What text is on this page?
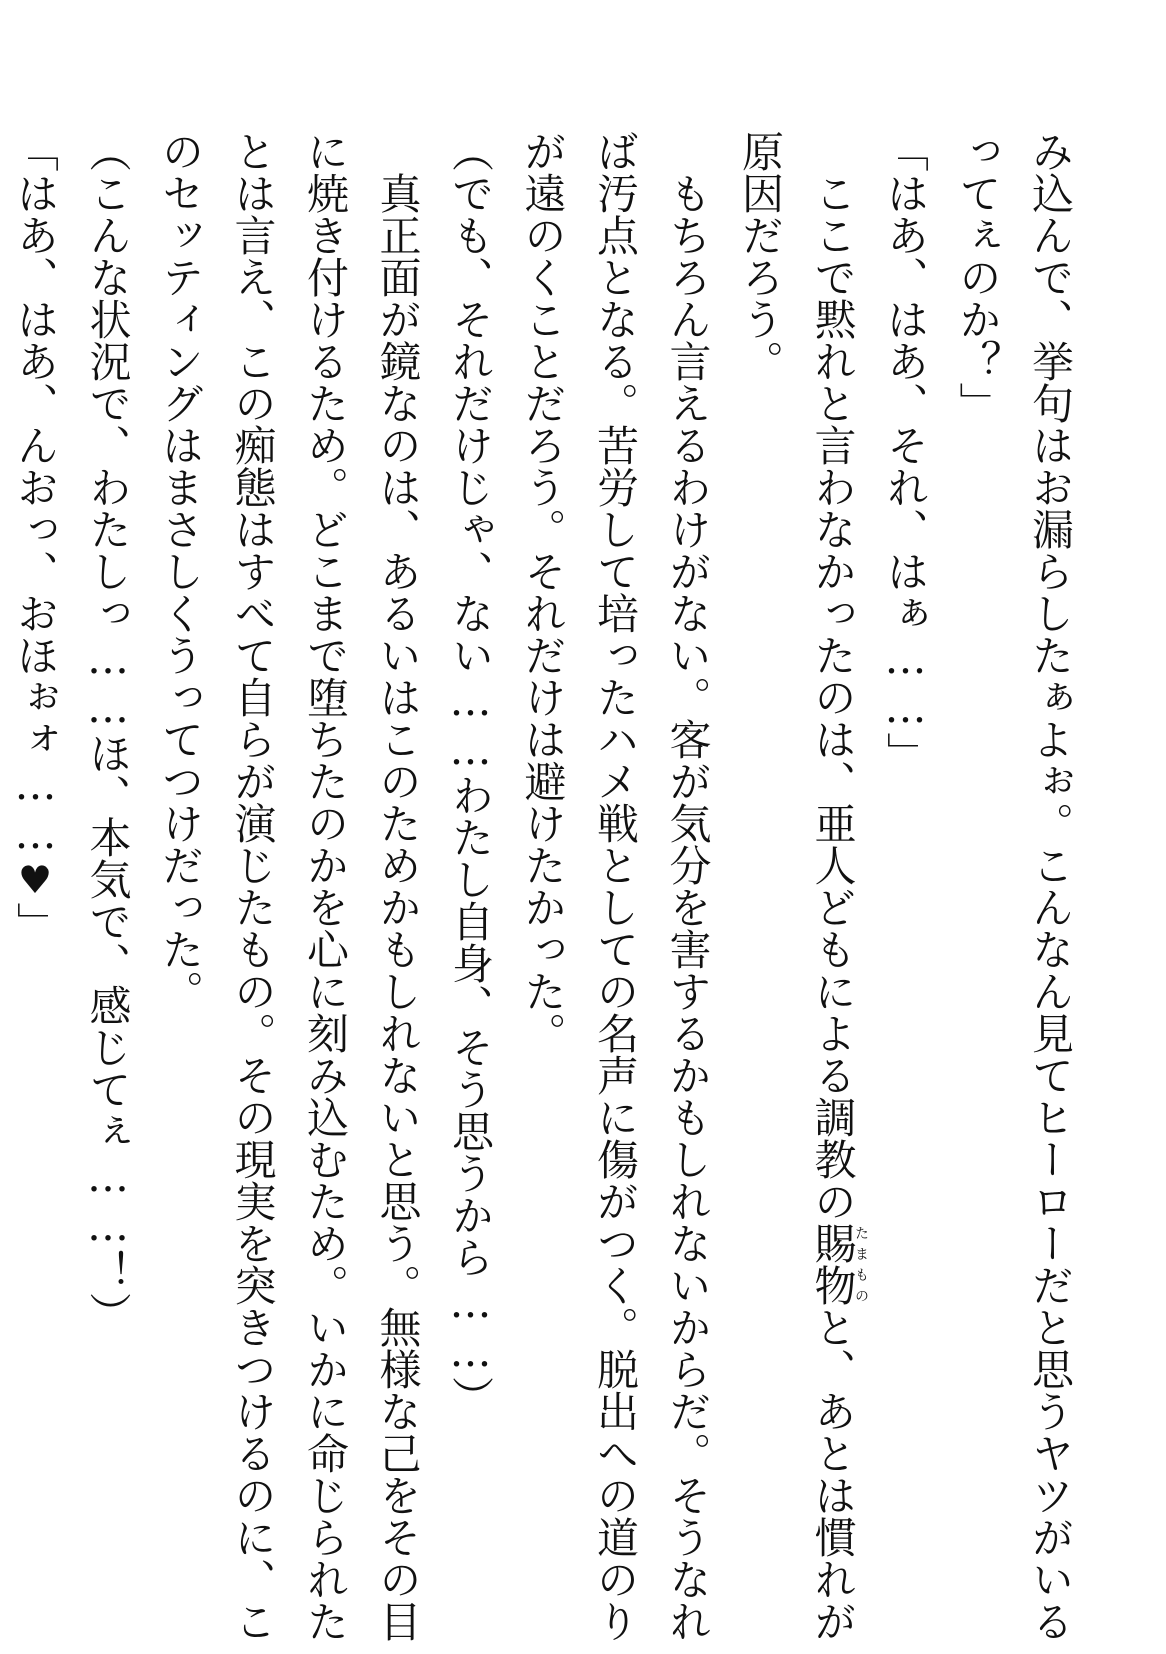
み込んで、挙句はお漏らしたぁよぉ。こんなん見てヒーローだと思うヤツがいる
ってぇのか？」
「はあ、はあ、それ、はぁ……」
ここで黙れと言わなかったのは、亜人どもによる調教の賜物たまものと、あとは慣れが
原因だろう。
もちろん言えるわけがない。客が気分を害するかもしれないからだ。そうなれ
ば汚点となる。苦労して培ったハメ戦としての名声に傷がつく。脱出への道のり
が遠のくことだろう。それだけは避けたかった。
（でも、それだけじゃ、ない……わたし自身、そう思うから……）
真正面が鏡なのは、あるいはこのためかもしれないと思う。無様な己をその目
に焼き付けるため。どこまで堕ちたのかを心に刻み込むため。いかに命じられた
とは言え、この痴態はすべて自らが演じたもの。その現実を突きつけるのに、こ
のセッティングはまさしくうってつけだった。
（こんな状況で、わたしっ……ほ、本気で、感じてぇ……！）
「はあ、はあ、んおっ、おほぉォ……♥」
